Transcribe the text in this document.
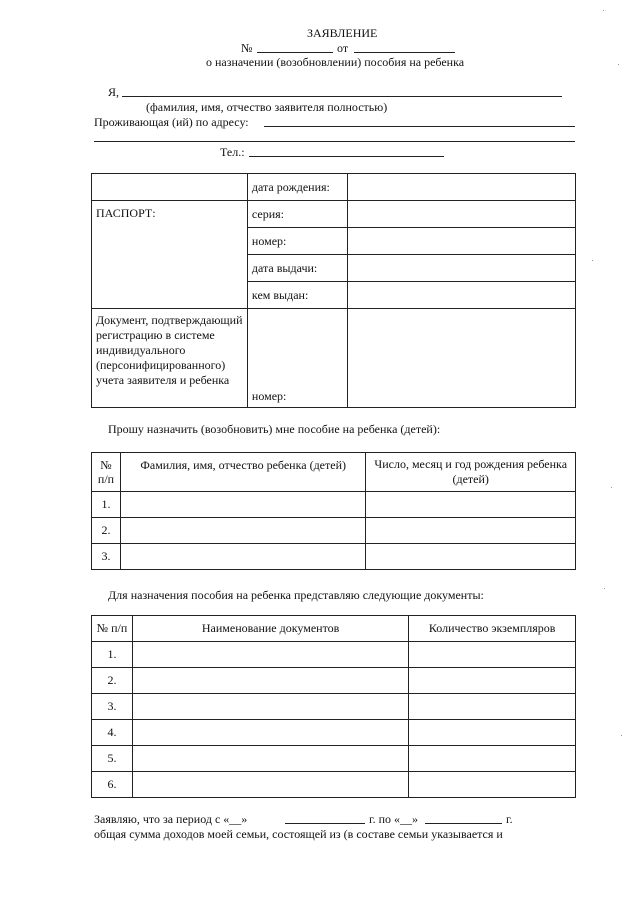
ЗАЯВЛЕНИЕ
№	от
о назначении (возобновлении) пособия на ребенка
Я,
(фамилия, имя, отчество заявителя полностью)
Проживающая (ий) по адресу:
Тел.:
	дата рождения:	
ПАСПОРТ:	серия:	
	номер:	
	дата выдачи:	
	кем выдан:	
Документ, подтверждающий регистрацию в системе индивидуального (персонифицированного) учета заявителя и ребенка	номер:	
Прошу назначить (возобновить) мне пособие на ребенка (детей):
№ п/п	Фамилия, имя, отчество ребенка (детей)	Число, месяц и год рождения ребенка (детей)
1.		
2.		
3.		
Для назначения пособия на ребенка представляю следующие документы:
№ п/п	Наименование документов	Количество экземпляров
1.		
2.		
3.		
4.		
5.		
6.		
Заявляю, что за период с «__»	г. по «__»	г.
общая сумма доходов моей семьи, состоящей из (в составе семьи указывается и
